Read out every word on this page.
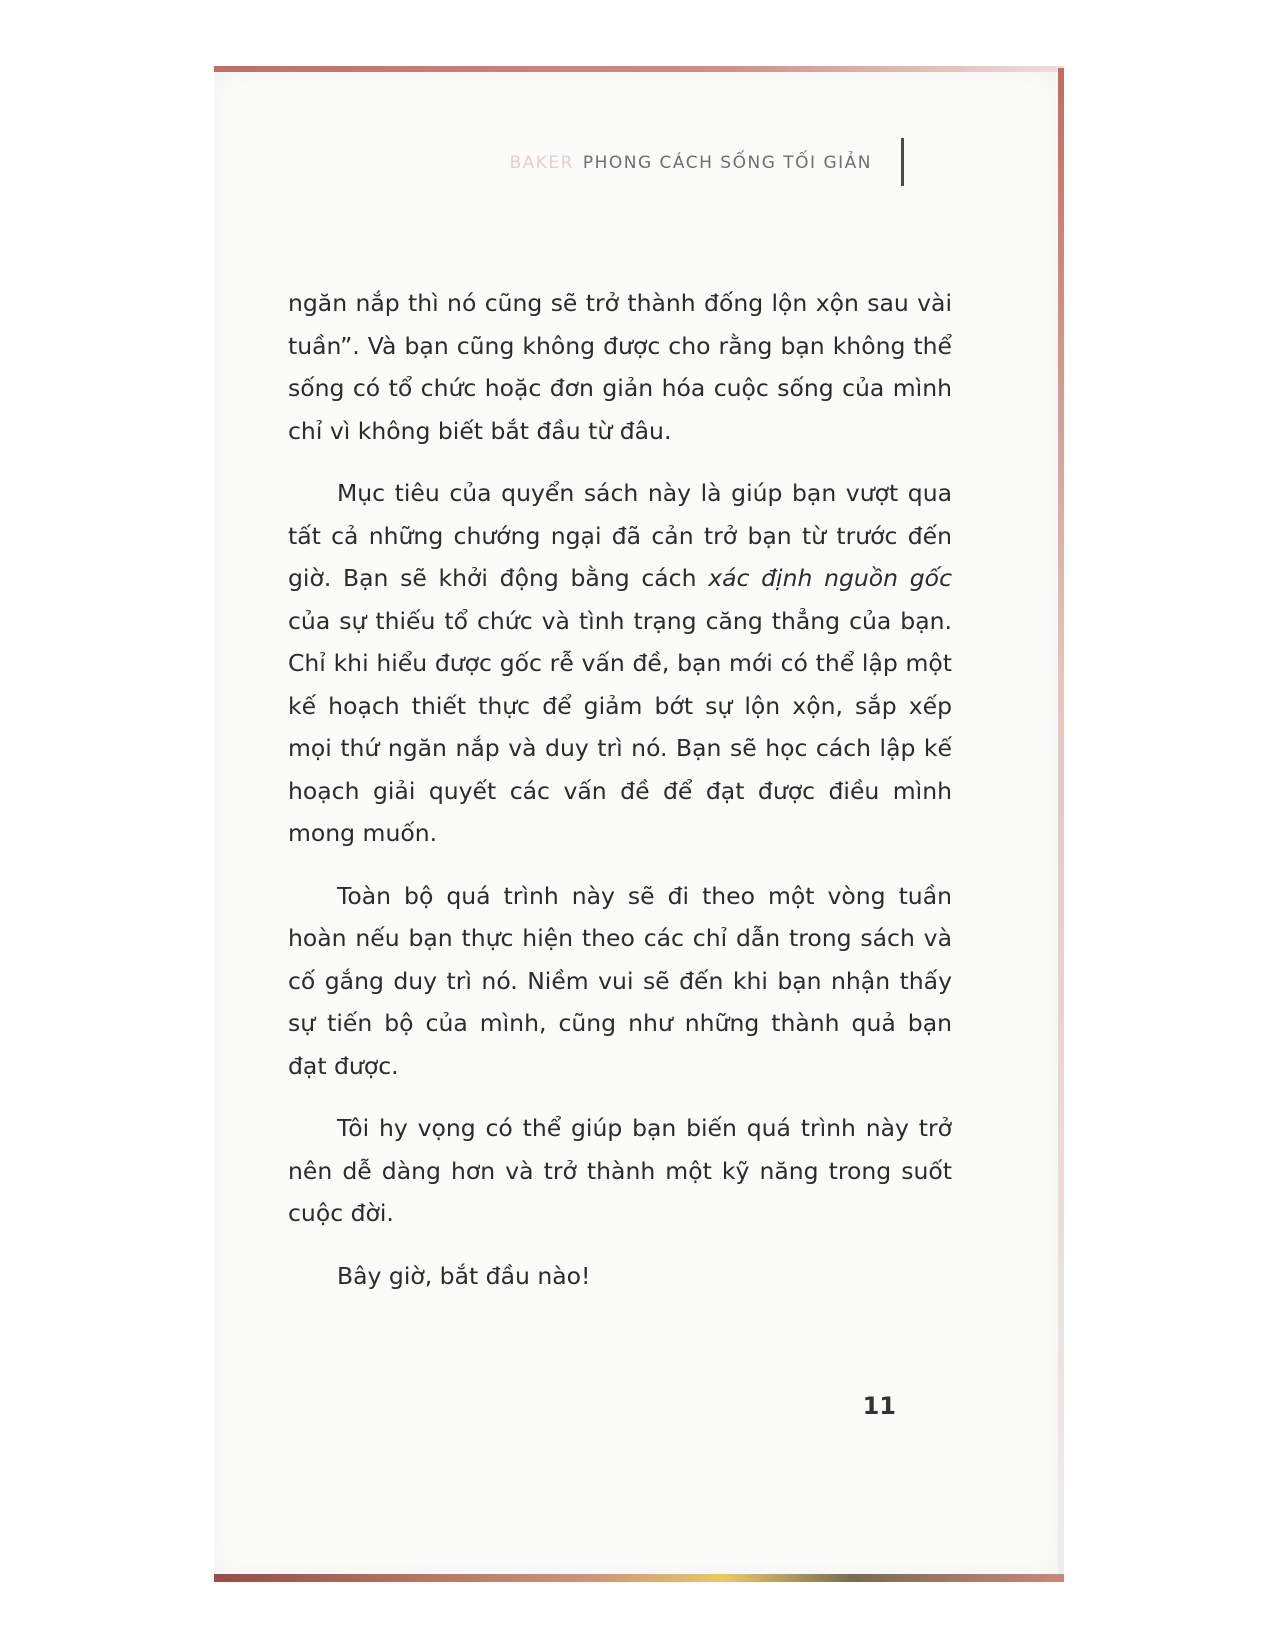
BAKER PHONG CÁCH SỐNG TỐI GIẢN

ngăn nắp thì nó cũng sẽ trở thành đống lộn xộn sau vài tuần”. Và bạn cũng không được cho rằng bạn không thể sống có tổ chức hoặc đơn giản hóa cuộc sống của mình chỉ vì không biết bắt đầu từ đâu.

Mục tiêu của quyển sách này là giúp bạn vượt qua tất cả những chướng ngại đã cản trở bạn từ trước đến giờ. Bạn sẽ khởi động bằng cách xác định nguồn gốc của sự thiếu tổ chức và tình trạng căng thẳng của bạn. Chỉ khi hiểu được gốc rễ vấn đề, bạn mới có thể lập một kế hoạch thiết thực để giảm bớt sự lộn xộn, sắp xếp mọi thứ ngăn nắp và duy trì nó. Bạn sẽ học cách lập kế hoạch giải quyết các vấn đề để đạt được điều mình mong muốn.

Toàn bộ quá trình này sẽ đi theo một vòng tuần hoàn nếu bạn thực hiện theo các chỉ dẫn trong sách và cố gắng duy trì nó. Niềm vui sẽ đến khi bạn nhận thấy sự tiến bộ của mình, cũng như những thành quả bạn đạt được.

Tôi hy vọng có thể giúp bạn biến quá trình này trở nên dễ dàng hơn và trở thành một kỹ năng trong suốt cuộc đời.

Bây giờ, bắt đầu nào!

11
